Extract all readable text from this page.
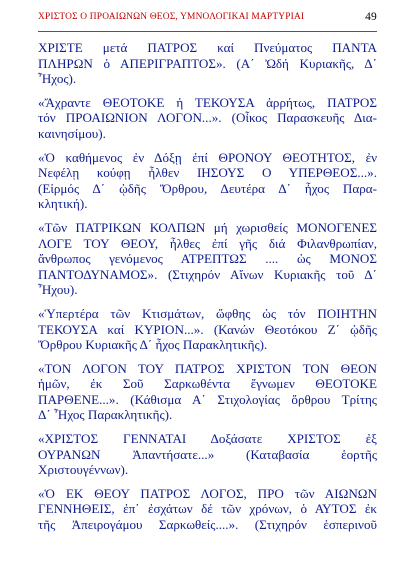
ΧΡΙΣΤΟΣ Ο ΠΡΟΑΙΩΝΩΝ ΘΕΟΣ, ΥΜΝΟΛΟΓΙΚΑΙ ΜΑΡΤΥΡΙΑΙ	49
ΧΡΙΣΤΕ μετά ΠΑΤΡΟΣ καί Πνεύματος ΠΑΝΤΑ
ΠΛΗΡΩΝ ὁ ΑΠΕΡΙΓΡΑΠΤΟΣ». (Α΄ Ὠδή Κυριακῆς, Δ΄
Ἦχος).
«Ἄχραντε ΘΕΟΤΟΚΕ ἡ ΤΕΚΟΥΣΑ ἀρρήτως, ΠΑΤΡΟΣ
τόν ΠΡΟΑΙΩΝΙΟΝ ΛΟΓΟΝ...». (Οἶκος Παρασκευῆς Δια-
καινησίμου).
«Ὁ καθήμενος ἐν Δόξῃ ἐπί ΘΡΟΝΟΥ ΘΕΟΤΗΤΟΣ, ἐν
Νεφέλῃ κούφῃ ἦλθεν ΙΗΣΟΥΣ Ο ΥΠΕΡΘΕΟΣ...».
(Εἱρμός Δ΄ ᾠδῆς Ὄρθρου, Δευτέρα Δ΄ ἦχος Παρα-
κλητική).
«Τῶν ΠΑΤΡΙΚΩΝ ΚΟΛΠΩΝ μή χωρισθείς ΜΟΝΟΓΕΝΕΣ
ΛΟΓΕ ΤΟΥ ΘΕΟΥ, ἦλθες ἐπί γῆς διά Φιλανθρωπίαν,
ἄνθρωπος γενόμενος ΑΤΡΕΠΤΩΣ .... ὡς ΜΟΝΟΣ
ΠΑΝΤΟΔΥΝΑΜΟΣ». (Στιχηρόν Αἴνων Κυριακῆς τοῦ Δ΄
Ἦχου).
«Ὑπερτέρα τῶν Κτισμάτων, ὤφθης ὡς τόν ΠΟΙΗΤΗΝ
ΤΕΚΟΥΣΑ καί ΚΥΡΙΟΝ...». (Κανών Θεοτόκου Ζ΄ ᾠδῆς
Ὄρθρου Κυριακῆς Δ΄ ἦχος Παρακλητικῆς).
«ΤΟΝ ΛΟΓΟΝ ΤΟΥ ΠΑΤΡΟΣ ΧΡΙΣΤΟΝ ΤΟΝ ΘΕΟΝ
ἡμῶν, ἐκ Σοῦ Σαρκωθέντα ἔγνωμεν ΘΕΟΤΟΚΕ
ΠΑΡΘΕΝΕ...». (Κάθισμα Α΄ Στιχολογίας ὄρθρου Τρίτης
Δ΄ Ἦχος Παρακλητικῆς).
«ΧΡΙΣΤΟΣ ΓΕΝΝΑΤΑΙ Δοξάσατε ΧΡΙΣΤΟΣ ἐξ
ΟΥΡΑΝΩΝ Ἀπαντήσατε...» (Καταβασία ἑορτῆς
Χριστουγέννων).
«Ὁ ΕΚ ΘΕΟΥ ΠΑΤΡΟΣ ΛΟΓΟΣ, ΠΡΟ τῶν ΑΙΩΝΩΝ
ΓΕΝΝΗΘΕΙΣ, ἐπ᾽ ἐσχάτων δέ τῶν χρόνων, ὁ ΑΥΤΟΣ ἐκ
τῆς Ἀπειρογάμου Σαρκωθείς....». (Στιχηρόν ἑσπερινοῦ
